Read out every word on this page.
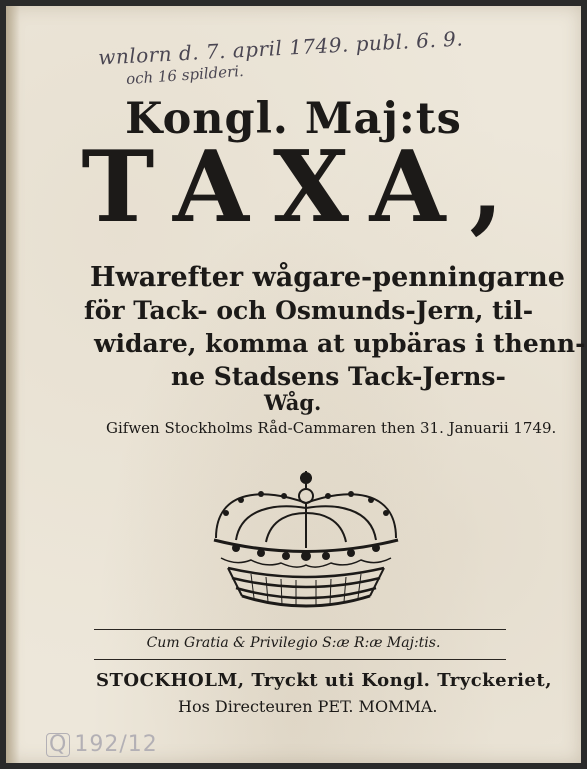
wnlorn d. 7. april 1749. publ. 6. 9.
och 16 spilderi.
Kongl. Maj:ts
TAXA,
Hwarefter wågare-penningarne
för Tack- och Osmunds-Jern, til-
widare, komma at upbäras i thenn-
ne Stadsens Tack-Jerns-
Wåg.
Gifwen Stockholms Råd-Cammaren then 31. Januarii 1749.
Cum Gratia & Privilegio S:æ R:æ Maj:tis.
STOCKHOLM, Tryckt uti Kongl. Tryckeriet,
Hos Directeuren PET. MOMMA.
Q 192/12
